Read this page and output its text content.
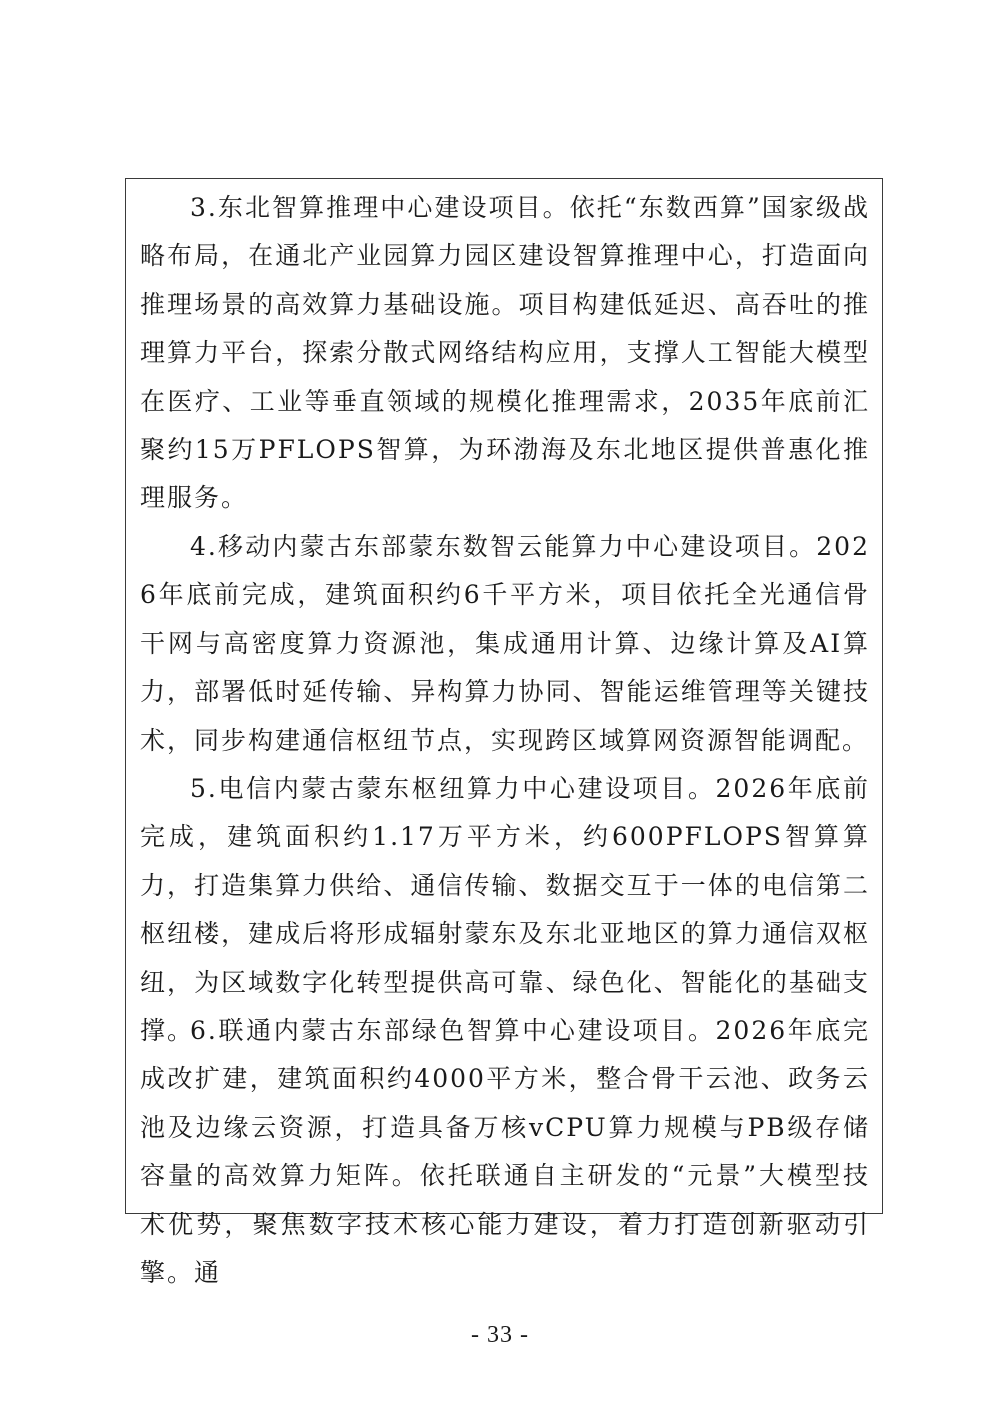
3.东北智算推理中心建设项目。依托“东数西算”国家级战略布局，在通北产业园算力园区建设智算推理中心，打造面向推理场景的高效算力基础设施。项目构建低延迟、高吞吐的推理算力平台，探索分散式网络结构应用，支撑人工智能大模型在医疗、工业等垂直领域的规模化推理需求，2035年底前汇聚约15万PFLOPS智算，为环渤海及东北地区提供普惠化推理服务。

4.移动内蒙古东部蒙东数智云能算力中心建设项目。2026年底前完成，建筑面积约6千平方米，项目依托全光通信骨干网与高密度算力资源池，集成通用计算、边缘计算及AI算力，部署低时延传输、异构算力协同、智能运维管理等关键技术，同步构建通信枢纽节点，实现跨区域算网资源智能调配。

5.电信内蒙古蒙东枢纽算力中心建设项目。2026年底前完成，建筑面积约1.17万平方米，约600PFLOPS智算算力，打造集算力供给、通信传输、数据交互于一体的电信第二枢纽楼，建成后将形成辐射蒙东及东北亚地区的算力通信双枢纽，为区域数字化转型提供高可靠、绿色化、智能化的基础支撑。

6.联通内蒙古东部绿色智算中心建设项目。2026年底完成改扩建，建筑面积约4000平方米，整合骨干云池、政务云池及边缘云资源，打造具备万核vCPU算力规模与PB级存储容量的高效算力矩阵。依托联通自主研发的“元景”大模型技术优势，聚焦数字技术核心能力建设，着力打造创新驱动引擎。通

- 33 -
